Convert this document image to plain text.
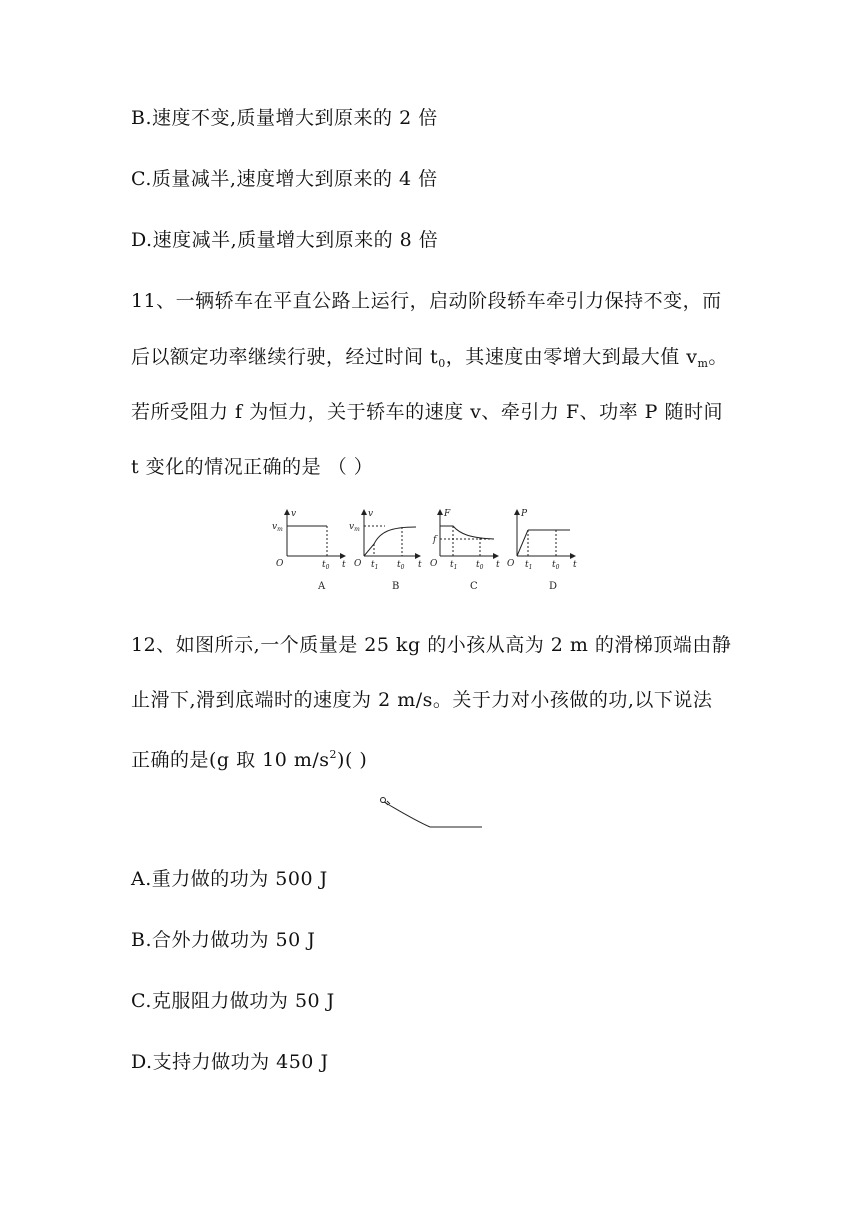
B.速度不变,质量增大到原来的 2 倍
C.质量减半,速度增大到原来的 4 倍
D.速度减半,质量增大到原来的 8 倍
11、一辆轿车在平直公路上运行，启动阶段轿车牵引力保持不变，而
后以额定功率继续行驶，经过时间 $t_0$，其速度由零增大到最大值 $v_m$。
若所受阻力 f 为恒力，关于轿车的速度 v、牵引力 F、功率 P 随时间
t 变化的情况正确的是 （ ）
v
$v_m$
O	$t_0$ t
v
$v_m$
O $t_1$ $t_0$ t
F
f
O $t_1$ $t_0$ t
P
O $t_1$ $t_0$ t
A	B	C	D
12、如图所示,一个质量是 25 kg 的小孩从高为 2 m 的滑梯顶端由静
止滑下,滑到底端时的速度为 2 m/s。关于力对小孩做的功,以下说法
正确的是(g 取 10 $m/s^2$)( )
A.重力做的功为 500 J
B.合外力做功为 50 J
C.克服阻力做功为 50 J
D.支持力做功为 450 J
